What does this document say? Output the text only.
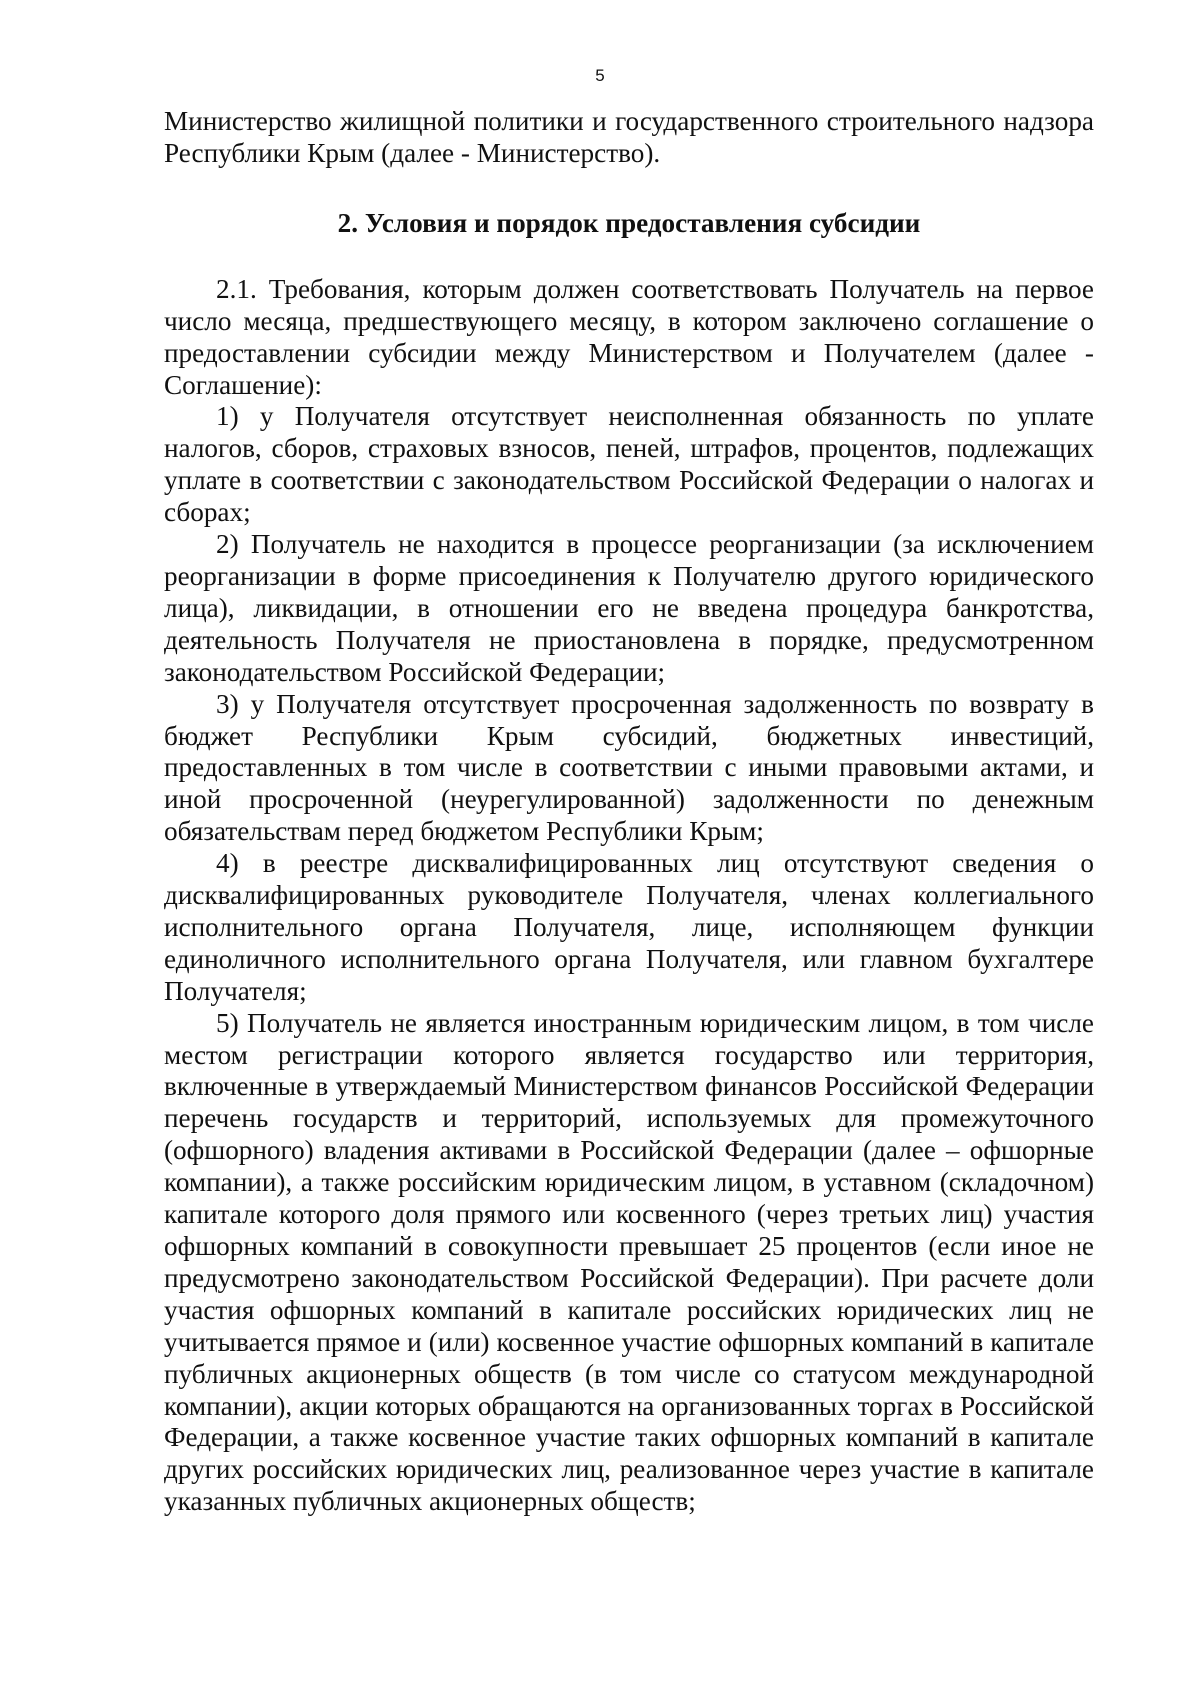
5

Министерство жилищной политики и государственного строительного надзора Республики Крым (далее - Министерство).

2. Условия и порядок предоставления субсидии

2.1. Требования, которым должен соответствовать Получатель на первое число месяца, предшествующего месяцу, в котором заключено соглашение о предоставлении субсидии между Министерством и Получателем (далее - Соглашение):

1) у Получателя отсутствует неисполненная обязанность по уплате налогов, сборов, страховых взносов, пеней, штрафов, процентов, подлежащих уплате в соответствии с законодательством Российской Федерации о налогах и сборах;

2) Получатель не находится в процессе реорганизации (за исключением реорганизации в форме присоединения к Получателю другого юридического лица), ликвидации, в отношении его не введена процедура банкротства, деятельность Получателя не приостановлена в порядке, предусмотренном законодательством Российской Федерации;

3) у Получателя отсутствует просроченная задолженность по возврату в бюджет Республики Крым субсидий, бюджетных инвестиций, предоставленных в том числе в соответствии с иными правовыми актами, и иной просроченной (неурегулированной) задолженности по денежным обязательствам перед бюджетом Республики Крым;

4) в реестре дисквалифицированных лиц отсутствуют сведения о дисквалифицированных руководителе Получателя, членах коллегиального исполнительного органа Получателя, лице, исполняющем функции единоличного исполнительного органа Получателя, или главном бухгалтере Получателя;

5) Получатель не является иностранным юридическим лицом, в том числе местом регистрации которого является государство или территория, включенные в утверждаемый Министерством финансов Российской Федерации перечень государств и территорий, используемых для промежуточного (офшорного) владения активами в Российской Федерации (далее – офшорные компании), а также российским юридическим лицом, в уставном (складочном) капитале которого доля прямого или косвенного (через третьих лиц) участия офшорных компаний в совокупности превышает 25 процентов (если иное не предусмотрено законодательством Российской Федерации). При расчете доли участия офшорных компаний в капитале российских юридических лиц не учитывается прямое и (или) косвенное участие офшорных компаний в капитале публичных акционерных обществ (в том числе со статусом международной компании), акции которых обращаются на организованных торгах в Российской Федерации, а также косвенное участие таких офшорных компаний в капитале других российских юридических лиц, реализованное через участие в капитале указанных публичных акционерных обществ;
